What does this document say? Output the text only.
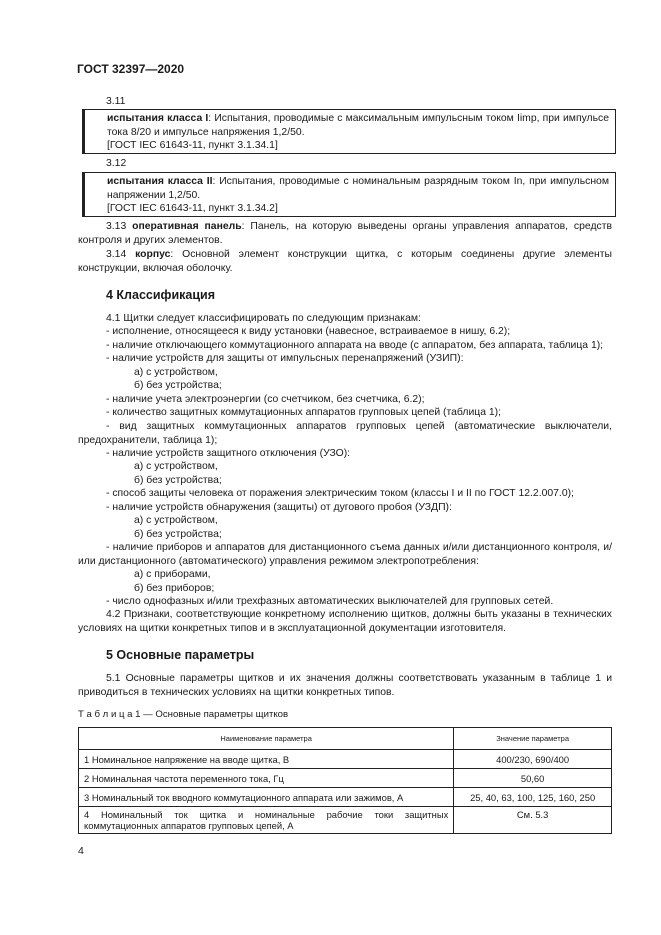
ГОСТ 32397—2020
3.11
испытания класса I: Испытания, проводимые с максимальным импульсным током Iimp, при импульсе тока 8/20 и импульсе напряжения 1,2/50.
[ГОСТ IEC 61643-11, пункт 3.1.34.1]
3.12
испытания класса II: Испытания, проводимые с номинальным разрядным током In, при импульсном напряжении 1,2/50.
[ГОСТ IEC 61643-11, пункт 3.1.34.2]
3.13 оперативная панель: Панель, на которую выведены органы управления аппаратов, средств контроля и других элементов.
3.14 корпус: Основной элемент конструкции щитка, с которым соединены другие элементы конструкции, включая оболочку.
4 Классификация
4.1 Щитки следует классифицировать по следующим признакам:
- исполнение, относящееся к виду установки (навесное, встраиваемое в нишу, 6.2);
- наличие отключающего коммутационного аппарата на вводе (с аппаратом, без аппарата, таблица 1);
- наличие устройств для защиты от импульсных перенапряжений (УЗИП):
а) с устройством,
б) без устройства;
- наличие учета электроэнергии (со счетчиком, без счетчика, 6.2);
- количество защитных коммутационных аппаратов групповых цепей (таблица 1);
- вид защитных коммутационных аппаратов групповых цепей (автоматические выключатели, предохранители, таблица 1);
- наличие устройств защитного отключения (УЗО):
а) с устройством,
б) без устройства;
- способ защиты человека от поражения электрическим током (классы I и II по ГОСТ 12.2.007.0);
- наличие устройств обнаружения (защиты) от дугового пробоя (УЗДП):
а) с устройством,
б) без устройства;
- наличие приборов и аппаратов для дистанционного съема данных и/или дистанционного контроля, и/или дистанционного (автоматического) управления режимом электропотребления:
а) с приборами,
б) без приборов;
- число однофазных и/или трехфазных автоматических выключателей для групповых сетей.
4.2 Признаки, соответствующие конкретному исполнению щитков, должны быть указаны в технических условиях на щитки конкретных типов и в эксплуатационной документации изготовителя.
5 Основные параметры
5.1 Основные параметры щитков и их значения должны соответствовать указанным в таблице 1 и приводиться в технических условиях на щитки конкретных типов.
Т а б л и ц а 1 — Основные параметры щитков
Наименование параметра	Значение параметра
1 Номинальное напряжение на вводе щитка, В	400/230, 690/400
2 Номинальная частота переменного тока, Гц	50,60
3 Номинальный ток вводного коммутационного аппарата или зажимов, А	25, 40, 63, 100, 125, 160, 250
4 Номинальный ток щитка и номинальные рабочие токи защитных коммутационных аппаратов групповых цепей, А	См. 5.3
4
